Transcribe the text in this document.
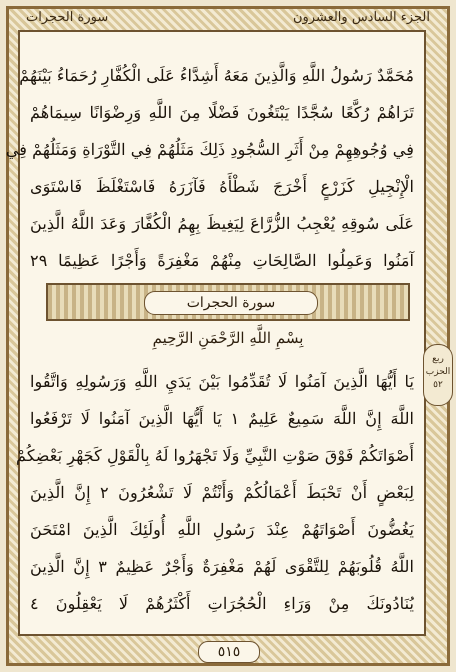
سورة الحجرات	الجزء السادس والعشرون
مُحَمَّدٌ رَسُولُ اللَّهِ وَالَّذِينَ مَعَهُ أَشِدَّاءُ عَلَى الْكُفَّارِ رُحَمَاءُ بَيْنَهُمْ
تَرَاهُمْ رُكَّعًا سُجَّدًا يَبْتَغُونَ فَضْلًا مِنَ اللَّهِ وَرِضْوَانًا سِيمَاهُمْ
فِي وُجُوهِهِمْ مِنْ أَثَرِ السُّجُودِ ذَلِكَ مَثَلُهُمْ فِي التَّوْرَاةِ وَمَثَلُهُمْ فِي
الْإِنْجِيلِ كَزَرْعٍ أَخْرَجَ شَطْأَهُ فَآزَرَهُ فَاسْتَغْلَظَ فَاسْتَوَى
عَلَى سُوقِهِ يُعْجِبُ الزُّرَّاعَ لِيَغِيظَ بِهِمُ الْكُفَّارَ وَعَدَ اللَّهُ الَّذِينَ
آمَنُوا وَعَمِلُوا الصَّالِحَاتِ مِنْهُمْ مَغْفِرَةً وَأَجْرًا عَظِيمًا ٢٩
سورة الحجرات
بِسْمِ اللَّهِ الرَّحْمَنِ الرَّحِيمِ
يَا أَيُّهَا الَّذِينَ آمَنُوا لَا تُقَدِّمُوا بَيْنَ يَدَيِ اللَّهِ وَرَسُولِهِ وَاتَّقُوا
اللَّهَ إِنَّ اللَّهَ سَمِيعٌ عَلِيمٌ ١ يَا أَيُّهَا الَّذِينَ آمَنُوا لَا تَرْفَعُوا
أَصْوَاتَكُمْ فَوْقَ صَوْتِ النَّبِيِّ وَلَا تَجْهَرُوا لَهُ بِالْقَوْلِ كَجَهْرِ بَعْضِكُمْ
لِبَعْضٍ أَنْ تَحْبَطَ أَعْمَالُكُمْ وَأَنْتُمْ لَا تَشْعُرُونَ ٢ إِنَّ الَّذِينَ
يَغُضُّونَ أَصْوَاتَهُمْ عِنْدَ رَسُولِ اللَّهِ أُولَئِكَ الَّذِينَ امْتَحَنَ
اللَّهُ قُلُوبَهُمْ لِلتَّقْوَى لَهُمْ مَغْفِرَةٌ وَأَجْرٌ عَظِيمٌ ٣ إِنَّ الَّذِينَ
يُنَادُونَكَ مِنْ وَرَاءِ الْحُجُرَاتِ أَكْثَرُهُمْ لَا يَعْقِلُونَ ٤
ربع
الحزب
٥٢
٥١٥
